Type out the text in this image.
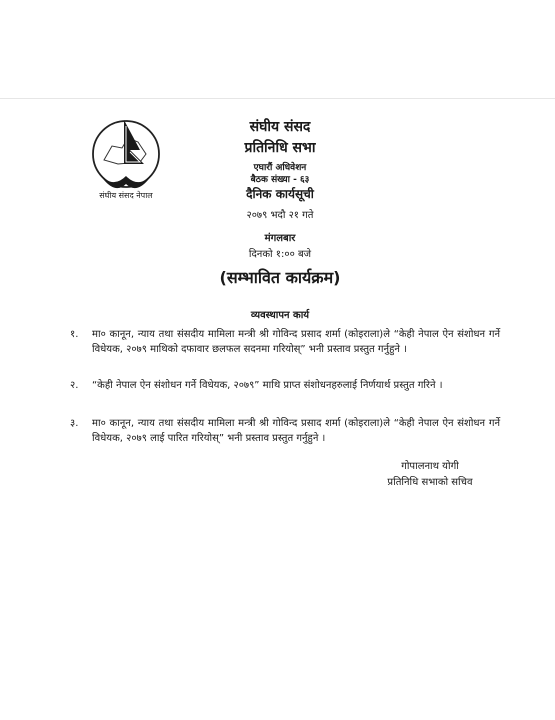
संघीय संसद नेपाल
संघीय संसद
प्रतिनिधि सभा
एघारौं अधिवेशन
बैठक संख्या - ६३
दैनिक कार्यसूची
२०७९ भदौ २१ गते
मंगलबार
दिनको १:०० बजे
(सम्भावित कार्यक्रम)
व्यवस्थापन कार्य
१.	मा० कानून, न्याय तथा संसदीय मामिला मन्त्री श्री गोविन्द प्रसाद शर्मा (कोइराला)ले “केही नेपाल ऐन संशोधन गर्ने विधेयक, २०७९ माथिको दफावार छलफल सदनमा गरियोस्” भनी प्रस्ताव प्रस्तुत गर्नुहुने ।
२.	“केही नेपाल ऐन संशोधन गर्ने विधेयक, २०७९” माथि प्राप्त संशोधनहरुलाई निर्णयार्थ प्रस्तुत गरिने ।
३.	मा० कानून, न्याय तथा संसदीय मामिला मन्त्री श्री गोविन्द प्रसाद शर्मा (कोइराला)ले “केही नेपाल ऐन संशोधन गर्ने विधेयक, २०७९ लाई पारित गरियोस्” भनी प्रस्ताव प्रस्तुत गर्नुहुने ।
गोपालनाथ योगी
प्रतिनिधि सभाको सचिव
